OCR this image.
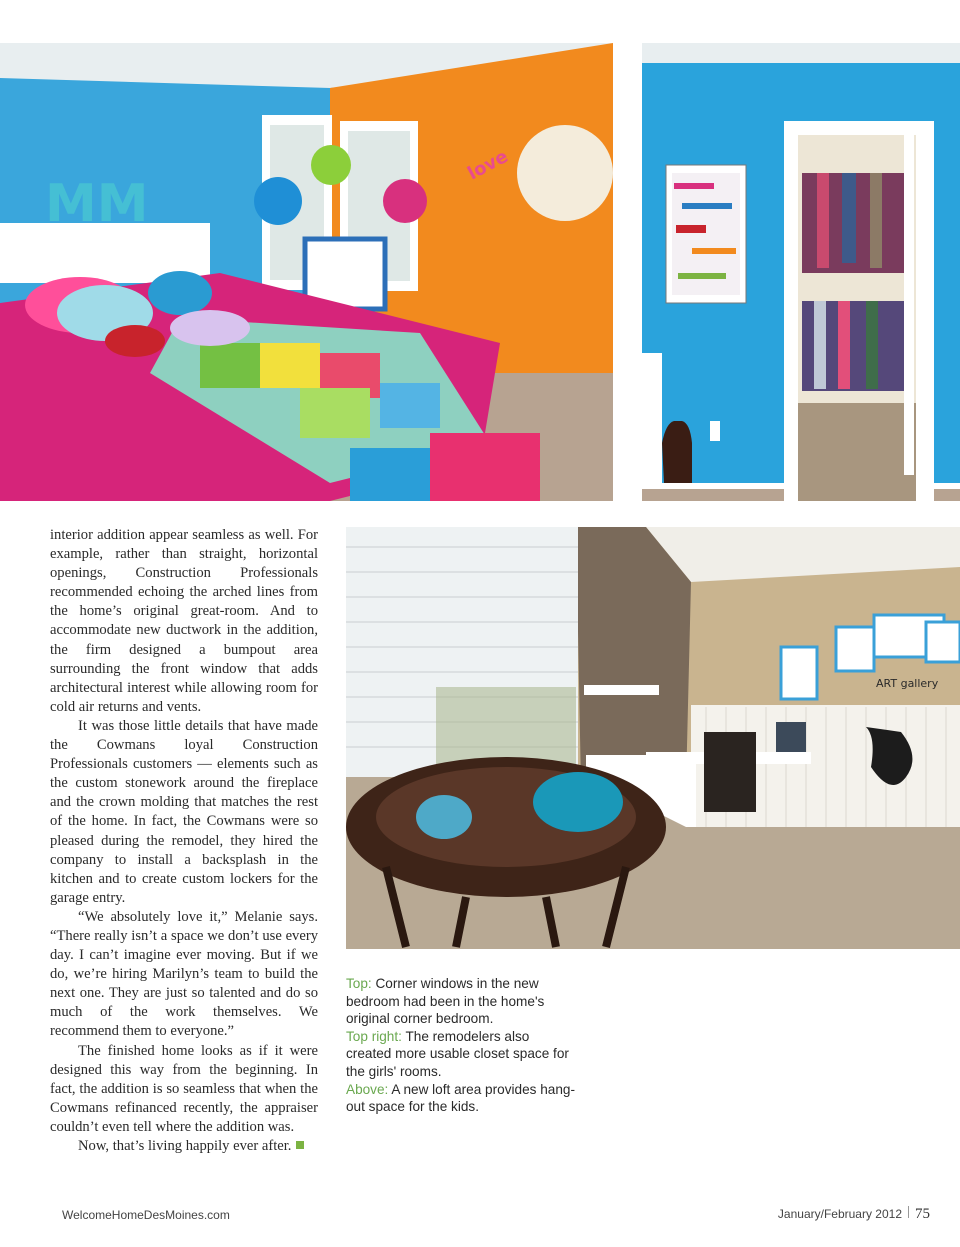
MM
love
ART gallery

interior addition appear seamless as well. For example, rather than straight, horizontal openings, Construction Professionals recommended echoing the arched lines from the home’s original great-room. And to accommodate new ductwork in the addition, the firm designed a bumpout area surrounding the front window that adds architectural interest while allowing room for cold air returns and vents.

It was those little details that have made the Cowmans loyal Construction Professionals customers — elements such as the custom stonework around the fireplace and the crown molding that matches the rest of the home. In fact, the Cowmans were so pleased during the remodel, they hired the company to install a backsplash in the kitchen and to create custom lockers for the garage entry.

“We absolutely love it,” Melanie says. “There really isn’t a space we don’t use every day. I can’t imagine ever moving. But if we do, we’re hiring Marilyn’s team to build the next one. They are just so talented and do so much of the work themselves. We recommend them to everyone.”

The finished home looks as if it were designed this way from the beginning. In fact, the addition is so seamless that when the Cowmans refinanced recently, the appraiser couldn’t even tell where the addition was.

Now, that’s living happily ever after.

Top: Corner windows in the new bedroom had been in the home's original corner bedroom.

Top right: The remodelers also created more usable closet space for the girls' rooms.

Above: A new loft area provides hang-out space for the kids.

WelcomeHomeDesMoines.com	January/February 2012 75
